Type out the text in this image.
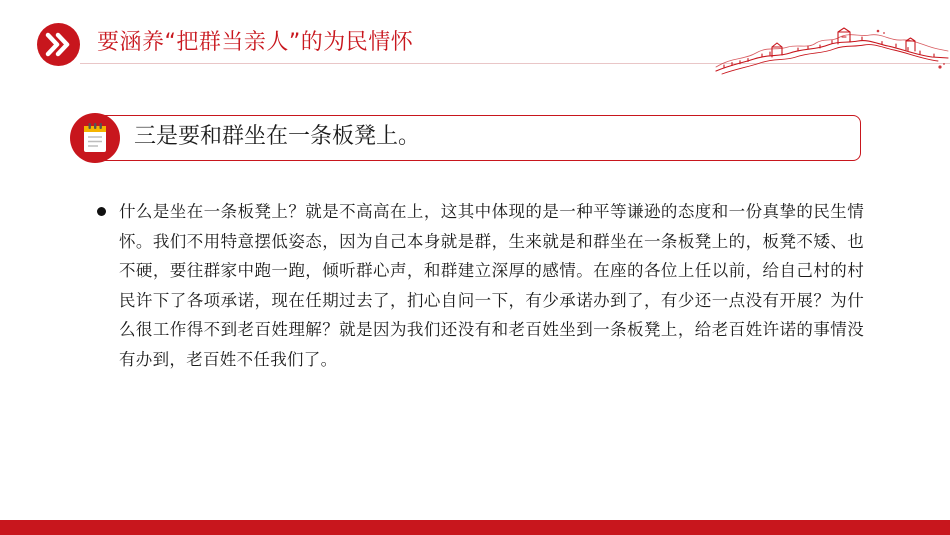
要涵养“把群当亲人”的为民情怀
三是要和群坐在一条板凳上。
什么是坐在一条板凳上？就是不高高在上，这其中体现的是一种平等谦逊的态度和一份真挚的民生情怀。我们不用特意摆低姿态，因为自己本身就是群，生来就是和群坐在一条板凳上的，板凳不矮、也不硬，要往群家中跑一跑，倾听群心声，和群建立深厚的感情。在座的各位上任以前，给自己村的村民许下了各项承诺，现在任期过去了，扪心自问一下，有少承诺办到了，有少还一点没有开展？为什么很工作得不到老百姓理解？就是因为我们还没有和老百姓坐到一条板凳上，给老百姓许诺的事情没有办到，老百姓不任我们了。
